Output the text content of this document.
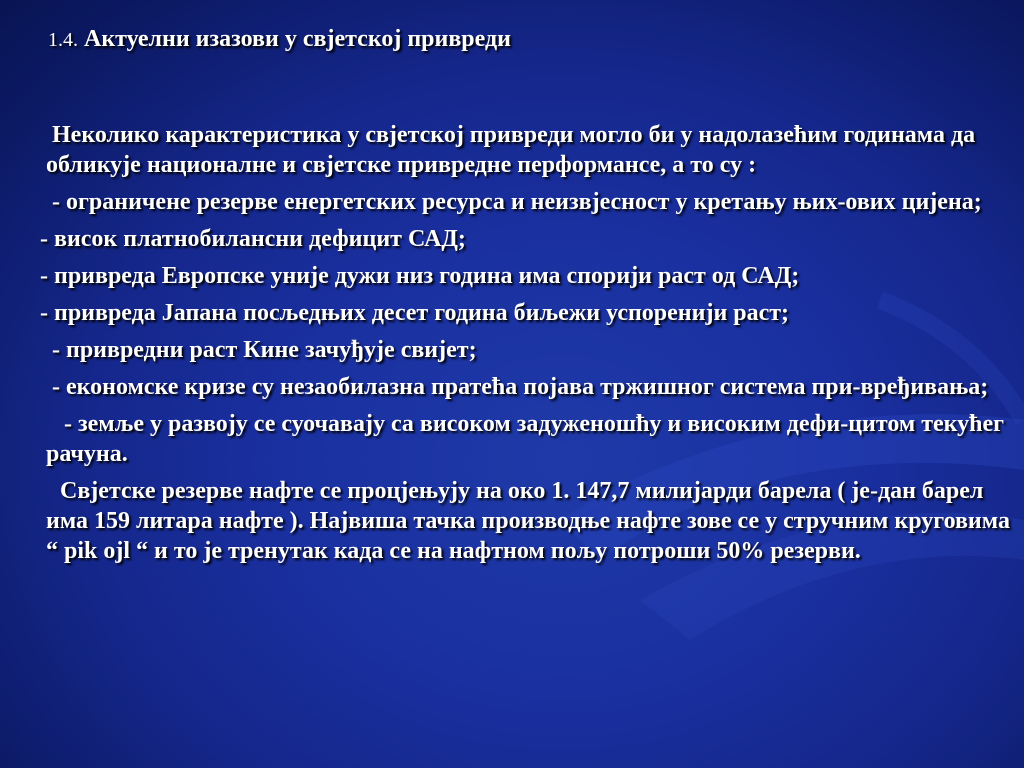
1.4. Актуелни изазови у свјетској привреди

Неколико карактеристика у свјетској привреди могло би у надолазећим годинама да обликује националне и свјетске привредне перформансе, а то су :

- ограничене резерве енергетских ресурса и неизвјесност у кретању њих-ових цијена;

- висок платнобилансни дефицит САД;

- привреда Европске уније дужи низ година има спорији раст од САД;

- привреда Јапана посљедњих десет година биљежи успоренији раст;

- привредни раст Кине зачуђује свијет;

- економске кризе су незаобилазна пратећа појава тржишног система при-врeђивања;

- земље у развоју се суочавају са високом задуженошћу и високим дефи-цитом текућег рачуна.

Свјетске резерве нафте се процјењују на око 1. 147,7 милијарди барела ( је-дан барел има 159 литара нафте ). Највиша тачка производње нафте зове се у стручним круговима “ pik ojl “ и то је тренутак када се на нафтном пољу потроши 50% резерви.
